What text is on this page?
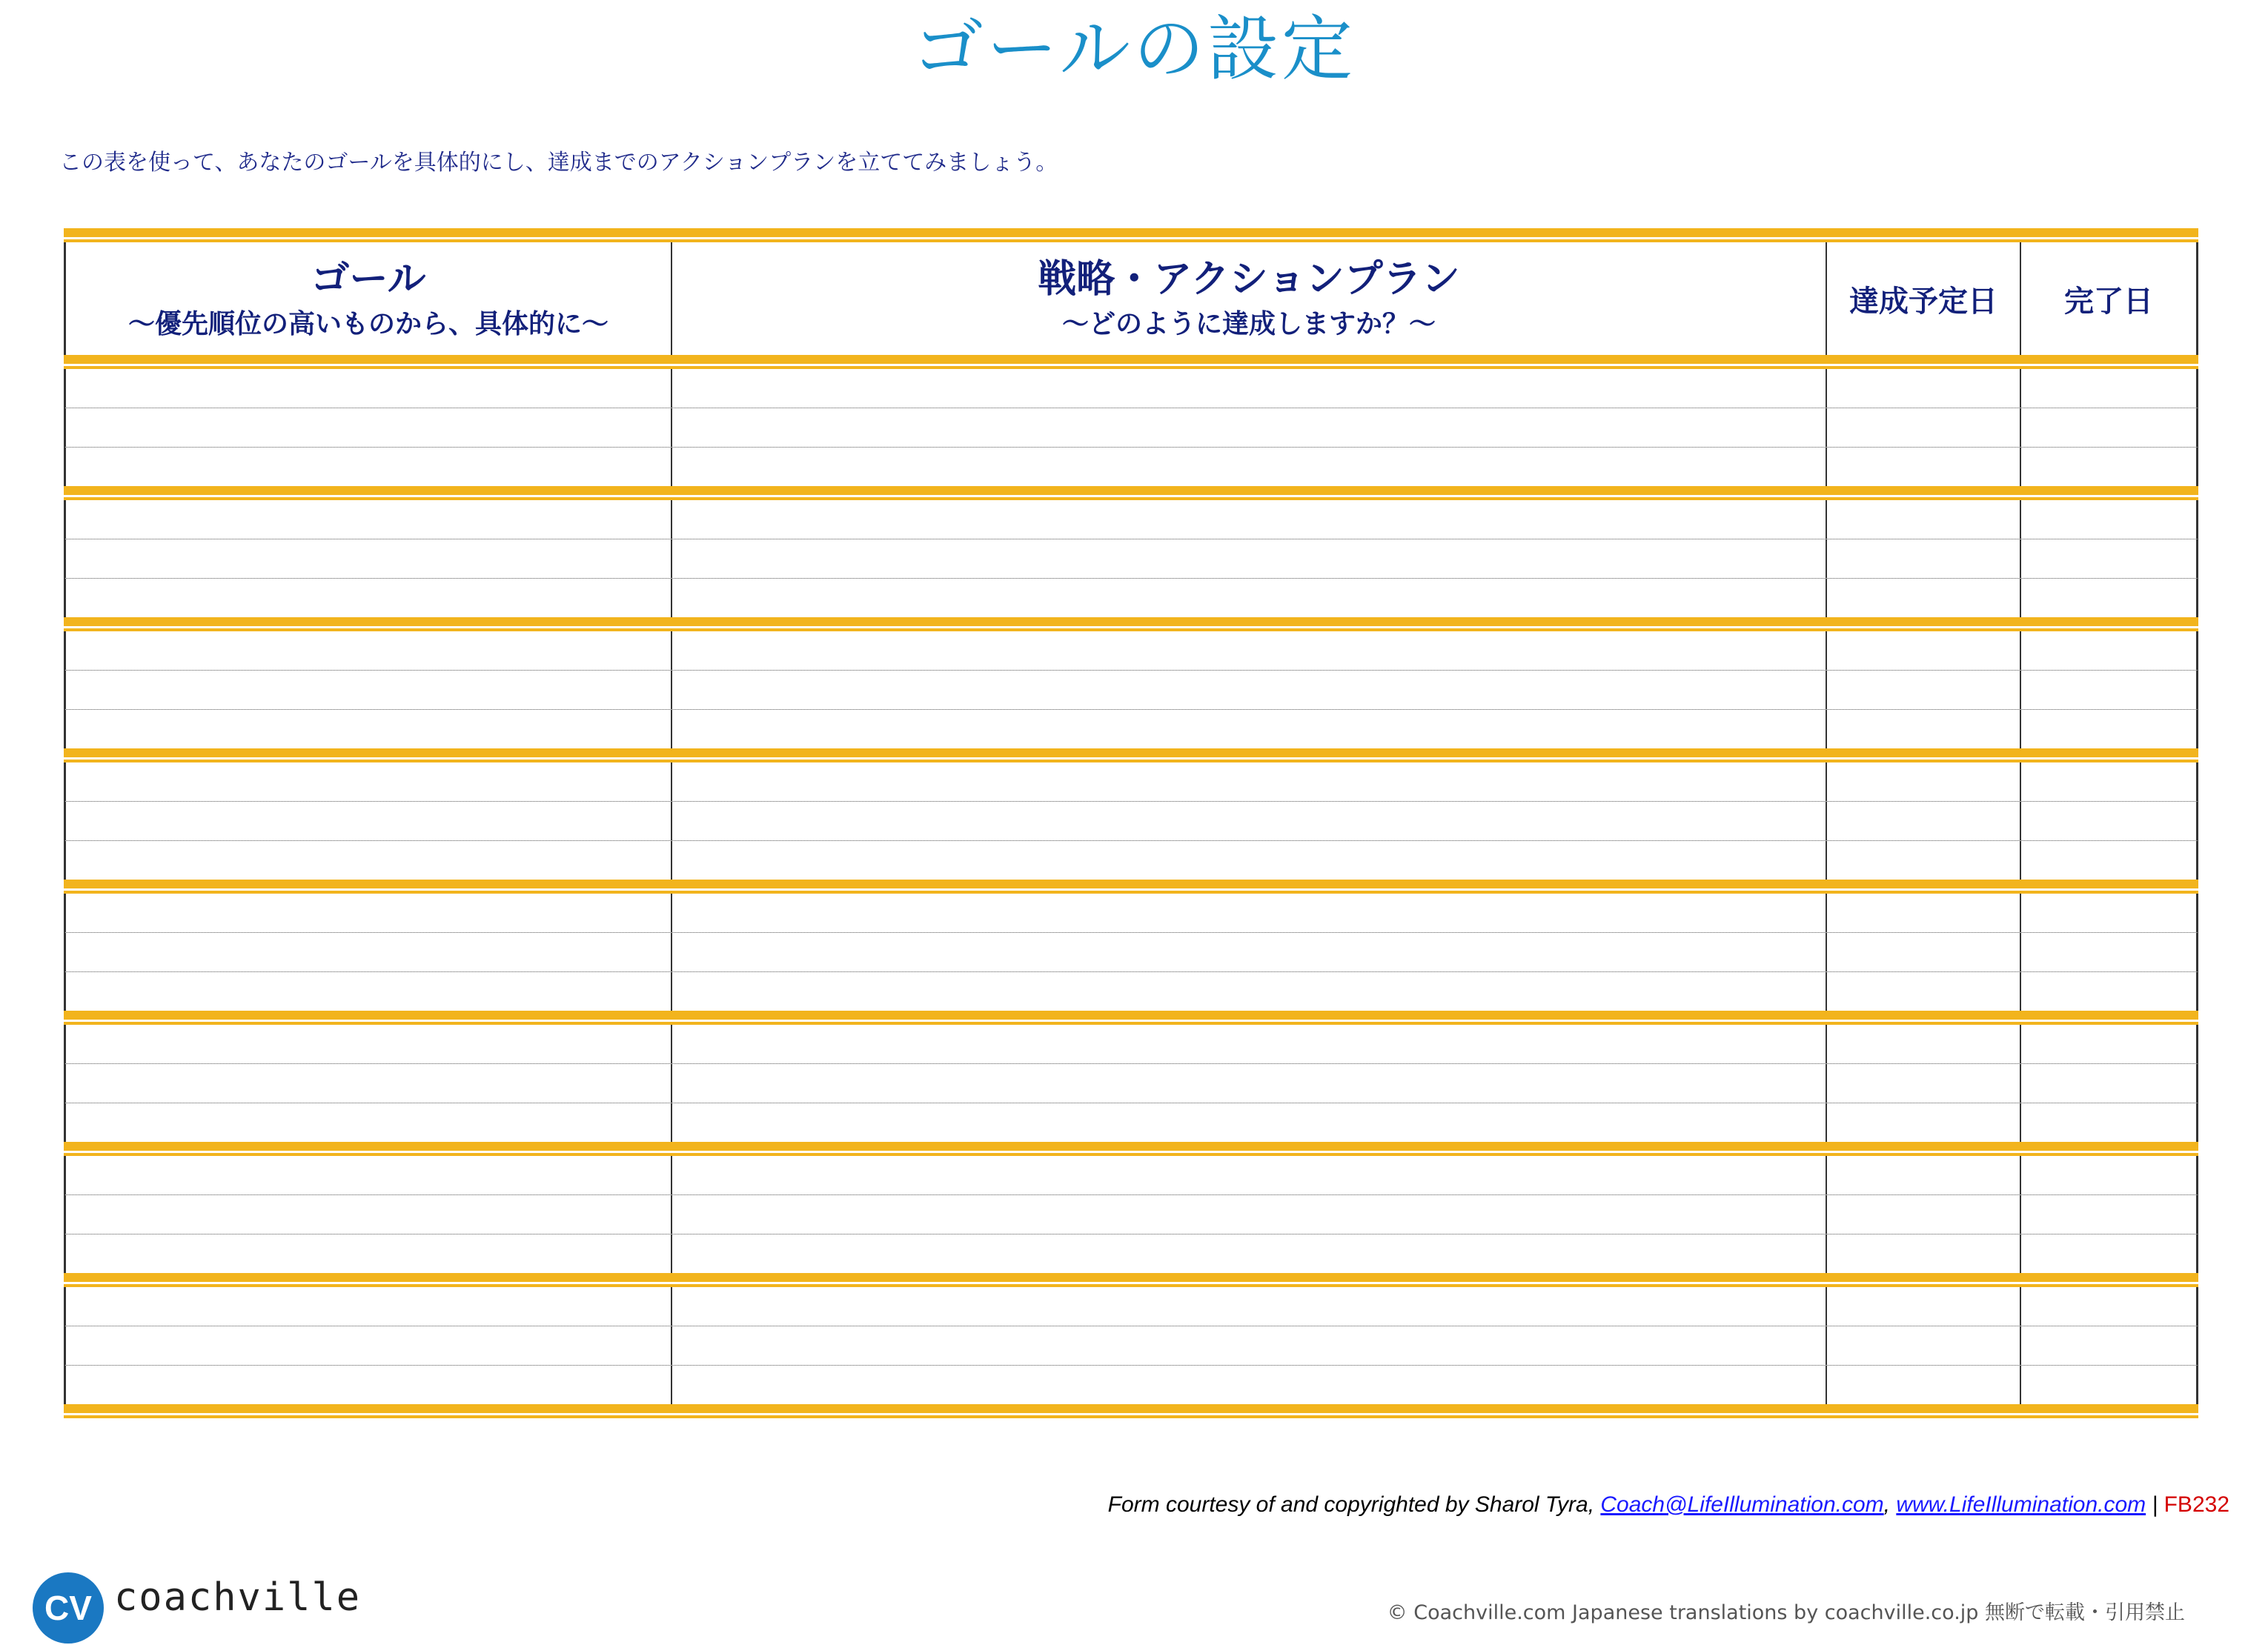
ゴールの設定
この表を使って、あなたのゴールを具体的にし、達成までのアクションプランを立ててみましょう。
ゴール
～優先順位の高いものから、具体的に～
戦略・アクションプラン
～どのように達成しますか？～
達成予定日 完了日
Form courtesy of and copyrighted by Sharol Tyra, Coach@LifeIllumination.com, www.LifeIllumination.com | FB232
CV coachville	© Coachville.com Japanese translations by coachville.co.jp 無断で転載・引用禁止
